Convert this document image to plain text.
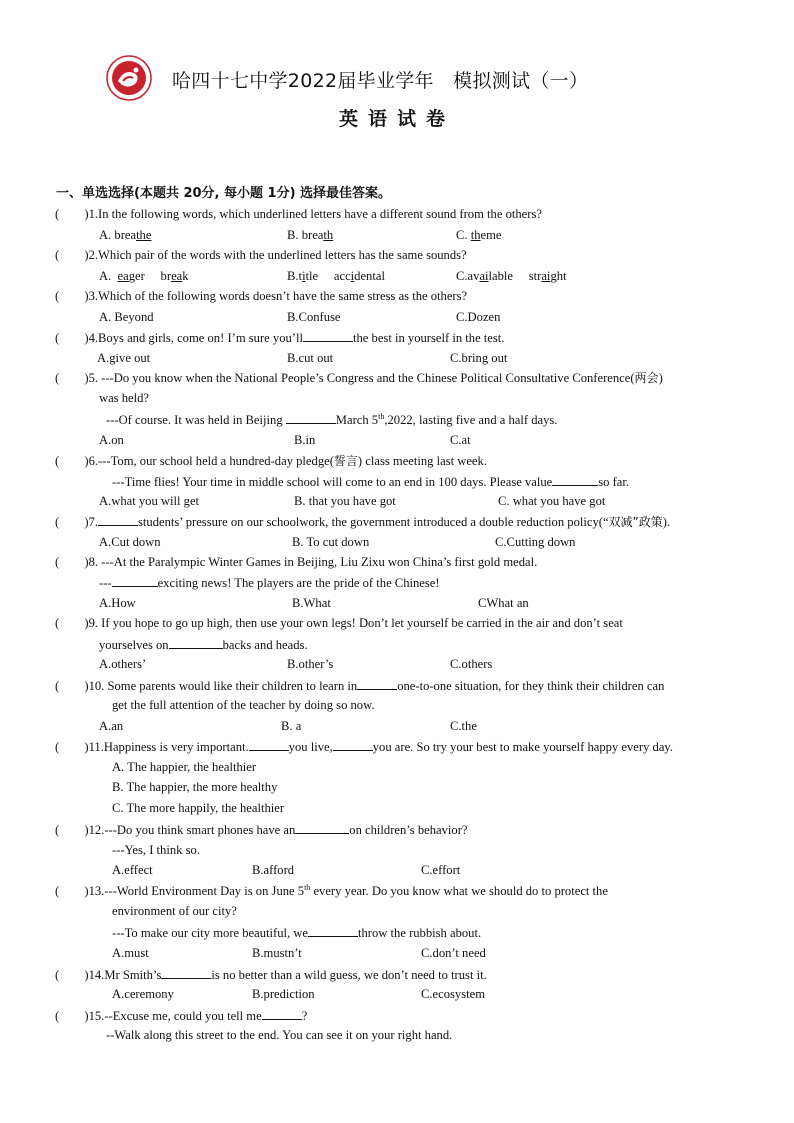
哈四十七中学2022届毕业学年　模拟测试（一）
英语试卷
一、单选选择(本题共 20分, 每小题 1分) 选择最佳答案。
(　　)1.In the following words, which underlined letters have a different sound from the others?
A. breathe	B. breath	C. theme
(　　)2.Which pair of the words with the underlined letters has the same sounds?
A.  eager     break	B.title     accidental	C.available     straight
(　　)3.Which of the following words doesn’t have the same stress as the others?
A. Beyond	B.Confuse	C.Dozen
(　　)4.Boys and girls, come on! I’m sure you’ll	the best in yourself in the test.
A.give out	B.cut out	C.bring out
(　　)5. ---Do you know when the National People’s Congress and the Chinese Political Consultative Conference(两会)
was held?
---Of course. It was held in Beijing	March 5th,2022, lasting five and a half days.
A.on	B.in	C.at
(　　)6.---Tom, our school held a hundred-day pledge(誓言) class meeting last week.
---Time flies! Your time in middle school will come to an end in 100 days. Please value	so far.
A.what you will get	B. that you have got	C. what you have got
(　　)7.	students’ pressure on our schoolwork, the government introduced a double reduction policy(“双减”政策).
A.Cut down	B. To cut down	C.Cutting down
(　　)8. ---At the Paralympic Winter Games in Beijing, Liu Zixu won China’s first gold medal.
---	exciting news! The players are the pride of the Chinese!
A.How	B.What	CWhat an
(　　)9. If you hope to go up high, then use your own legs! Don’t let yourself be carried in the air and don’t seat
yourselves on	backs and heads.
A.others’	B.other’s	C.others
(　　)10. Some parents would like their children to learn in	one-to-one situation, for they think their children can
get the full attention of the teacher by doing so now.
A.an	B. a	C.the
(　　)11.Happiness is very important.	you live,	you are. So try your best to make yourself happy every day.
A. The happier, the healthier
B. The happier, the more healthy
C. The more happily, the healthier
(　　)12.---Do you think smart phones have an	on children’s behavior?
---Yes, I think so.
A.effect	B.afford	C.effort
(　　)13.---World Environment Day is on June 5th every year. Do you know what we should do to protect the
environment of our city?
---To make our city more beautiful, we	throw the rubbish about.
A.must	B.mustn’t	C.don’t need
(　　)14.Mr Smith’s	is no better than a wild guess, we don’t need to trust it.
A.ceremony	B.prediction	C.ecosystem
(　　)15.--Excuse me, could you tell me	?
--Walk along this street to the end. You can see it on your right hand.
